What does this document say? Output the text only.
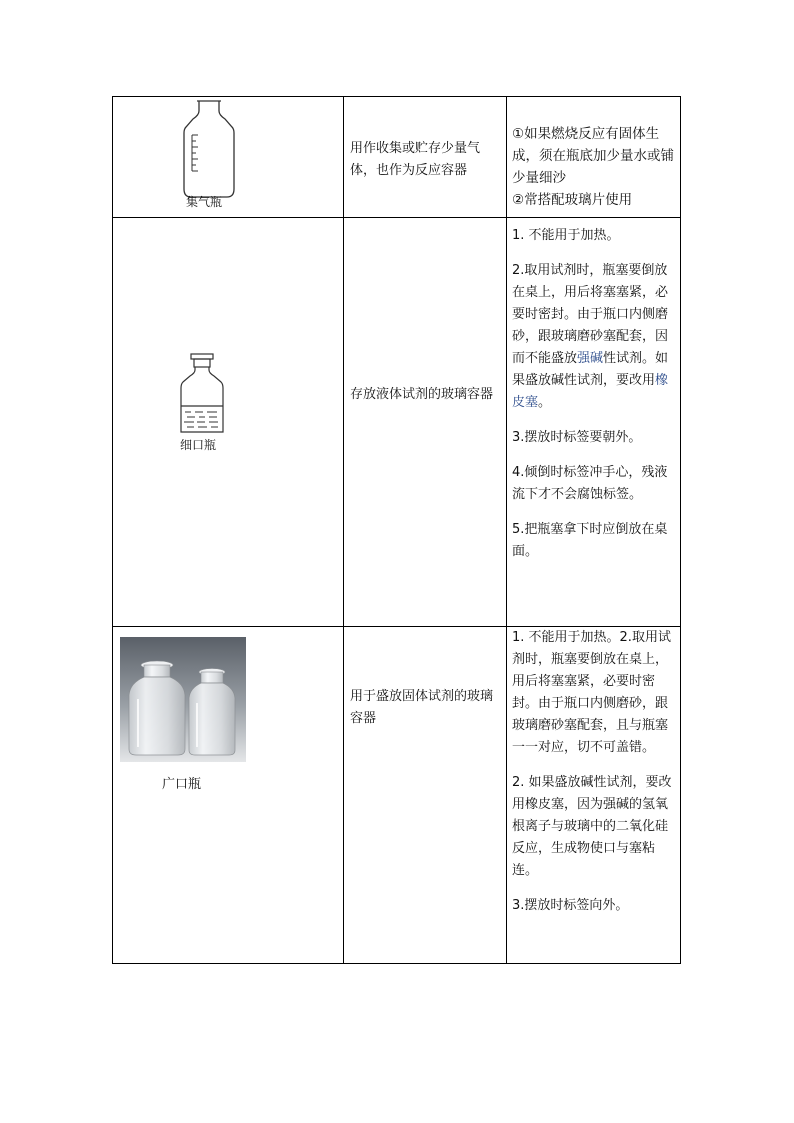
集气瓶
用作收集或贮存少量气体，也作为反应容器
①如果燃烧反应有固体生成，须在瓶底加少量水或铺少量细沙
②常搭配玻璃片使用
细口瓶
存放液体试剂的玻璃容器

1. 不能用于加热。

2.取用试剂时，瓶塞要倒放在桌上，用后将塞塞紧，必要时密封。由于瓶口内侧磨砂，跟玻璃磨砂塞配套，因而不能盛放强碱性试剂。如果盛放碱性试剂，要改用橡皮塞。

3.摆放时标签要朝外。

4.倾倒时标签冲手心，残液流下才不会腐蚀标签。

5.把瓶塞拿下时应倒放在桌面。

广口瓶
用于盛放固体试剂的玻璃容器

1. 不能用于加热。2.取用试剂时，瓶塞要倒放在桌上，用后将塞塞紧，必要时密封。由于瓶口内侧磨砂，跟玻璃磨砂塞配套，且与瓶塞一一对应，切不可盖错。

2. 如果盛放碱性试剂，要改用橡皮塞，因为强碱的氢氧根离子与玻璃中的二氧化硅反应，生成物使口与塞粘连。

3.摆放时标签向外。
